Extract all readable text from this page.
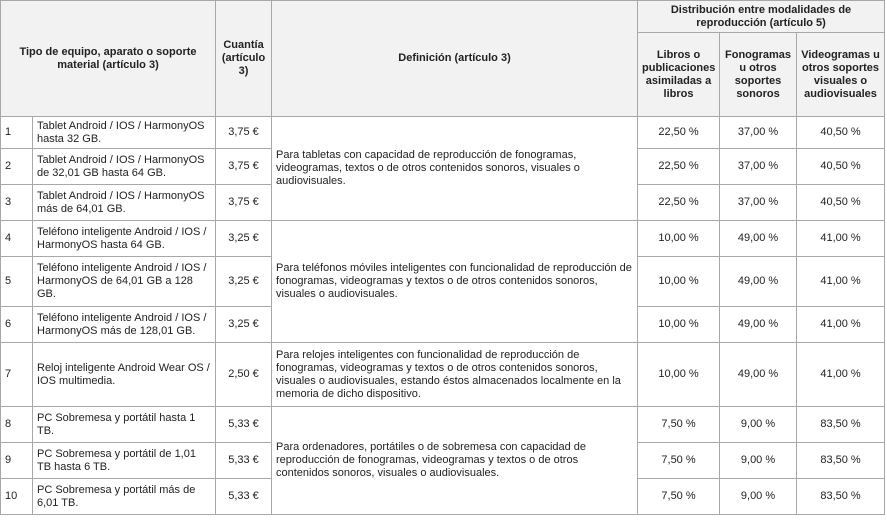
Tipo de equipo, aparato o soporte material (artículo 3)		Cuantía (artículo 3)	Definición (artículo 3)	Distribución entre modalidades de reproducción (artículo 5)		
				Libros o publicaciones asimiladas a libros	Fonogramas u otros soportes sonoros	Videogramas u otros soportes visuales o audiovisuales
1	Tablet Android / IOS / HarmonyOS hasta 32 GB.	3,75 €	Para tabletas con capacidad de reproducción de fonogramas, videogramas, textos o de otros contenidos sonoros, visuales o audiovisuales.	22,50 %	37,00 %	40,50 %
2	Tablet Android / IOS / HarmonyOS de 32,01 GB hasta 64 GB.	3,75 €		22,50 %	37,00 %	40,50 %
3	Tablet Android / IOS / HarmonyOS más de 64,01 GB.	3,75 €		22,50 %	37,00 %	40,50 %
4	Teléfono inteligente Android / IOS / HarmonyOS hasta 64 GB.	3,25 €	Para teléfonos móviles inteligentes con funcionalidad de reproducción de fonogramas, videogramas y textos o de otros contenidos sonoros, visuales o audiovisuales.	10,00 %	49,00 %	41,00 %
5	Teléfono inteligente Android / IOS / HarmonyOS de 64,01 GB a 128 GB.	3,25 €		10,00 %	49,00 %	41,00 %
6	Teléfono inteligente Android / IOS / HarmonyOS más de 128,01 GB.	3,25 €		10,00 %	49,00 %	41,00 %
7	Reloj inteligente Android Wear OS / IOS multimedia.	2,50 €	Para relojes inteligentes con funcionalidad de reproducción de fonogramas, videogramas y textos o de otros contenidos sonoros, visuales o audiovisuales, estando éstos almacenados localmente en la memoria de dicho dispositivo.	10,00 %	49,00 %	41,00 %
8	PC Sobremesa y portátil hasta 1 TB.	5,33 €	Para ordenadores, portátiles o de sobremesa con capacidad de reproducción de fonogramas, videogramas y textos o de otros contenidos sonoros, visuales o audiovisuales.	7,50 %	9,00 %	83,50 %
9	PC Sobremesa y portátil de 1,01 TB hasta 6 TB.	5,33 €		7,50 %	9,00 %	83,50 %
10	PC Sobremesa y portátil más de 6,01 TB.	5,33 €		7,50 %	9,00 %	83,50 %
